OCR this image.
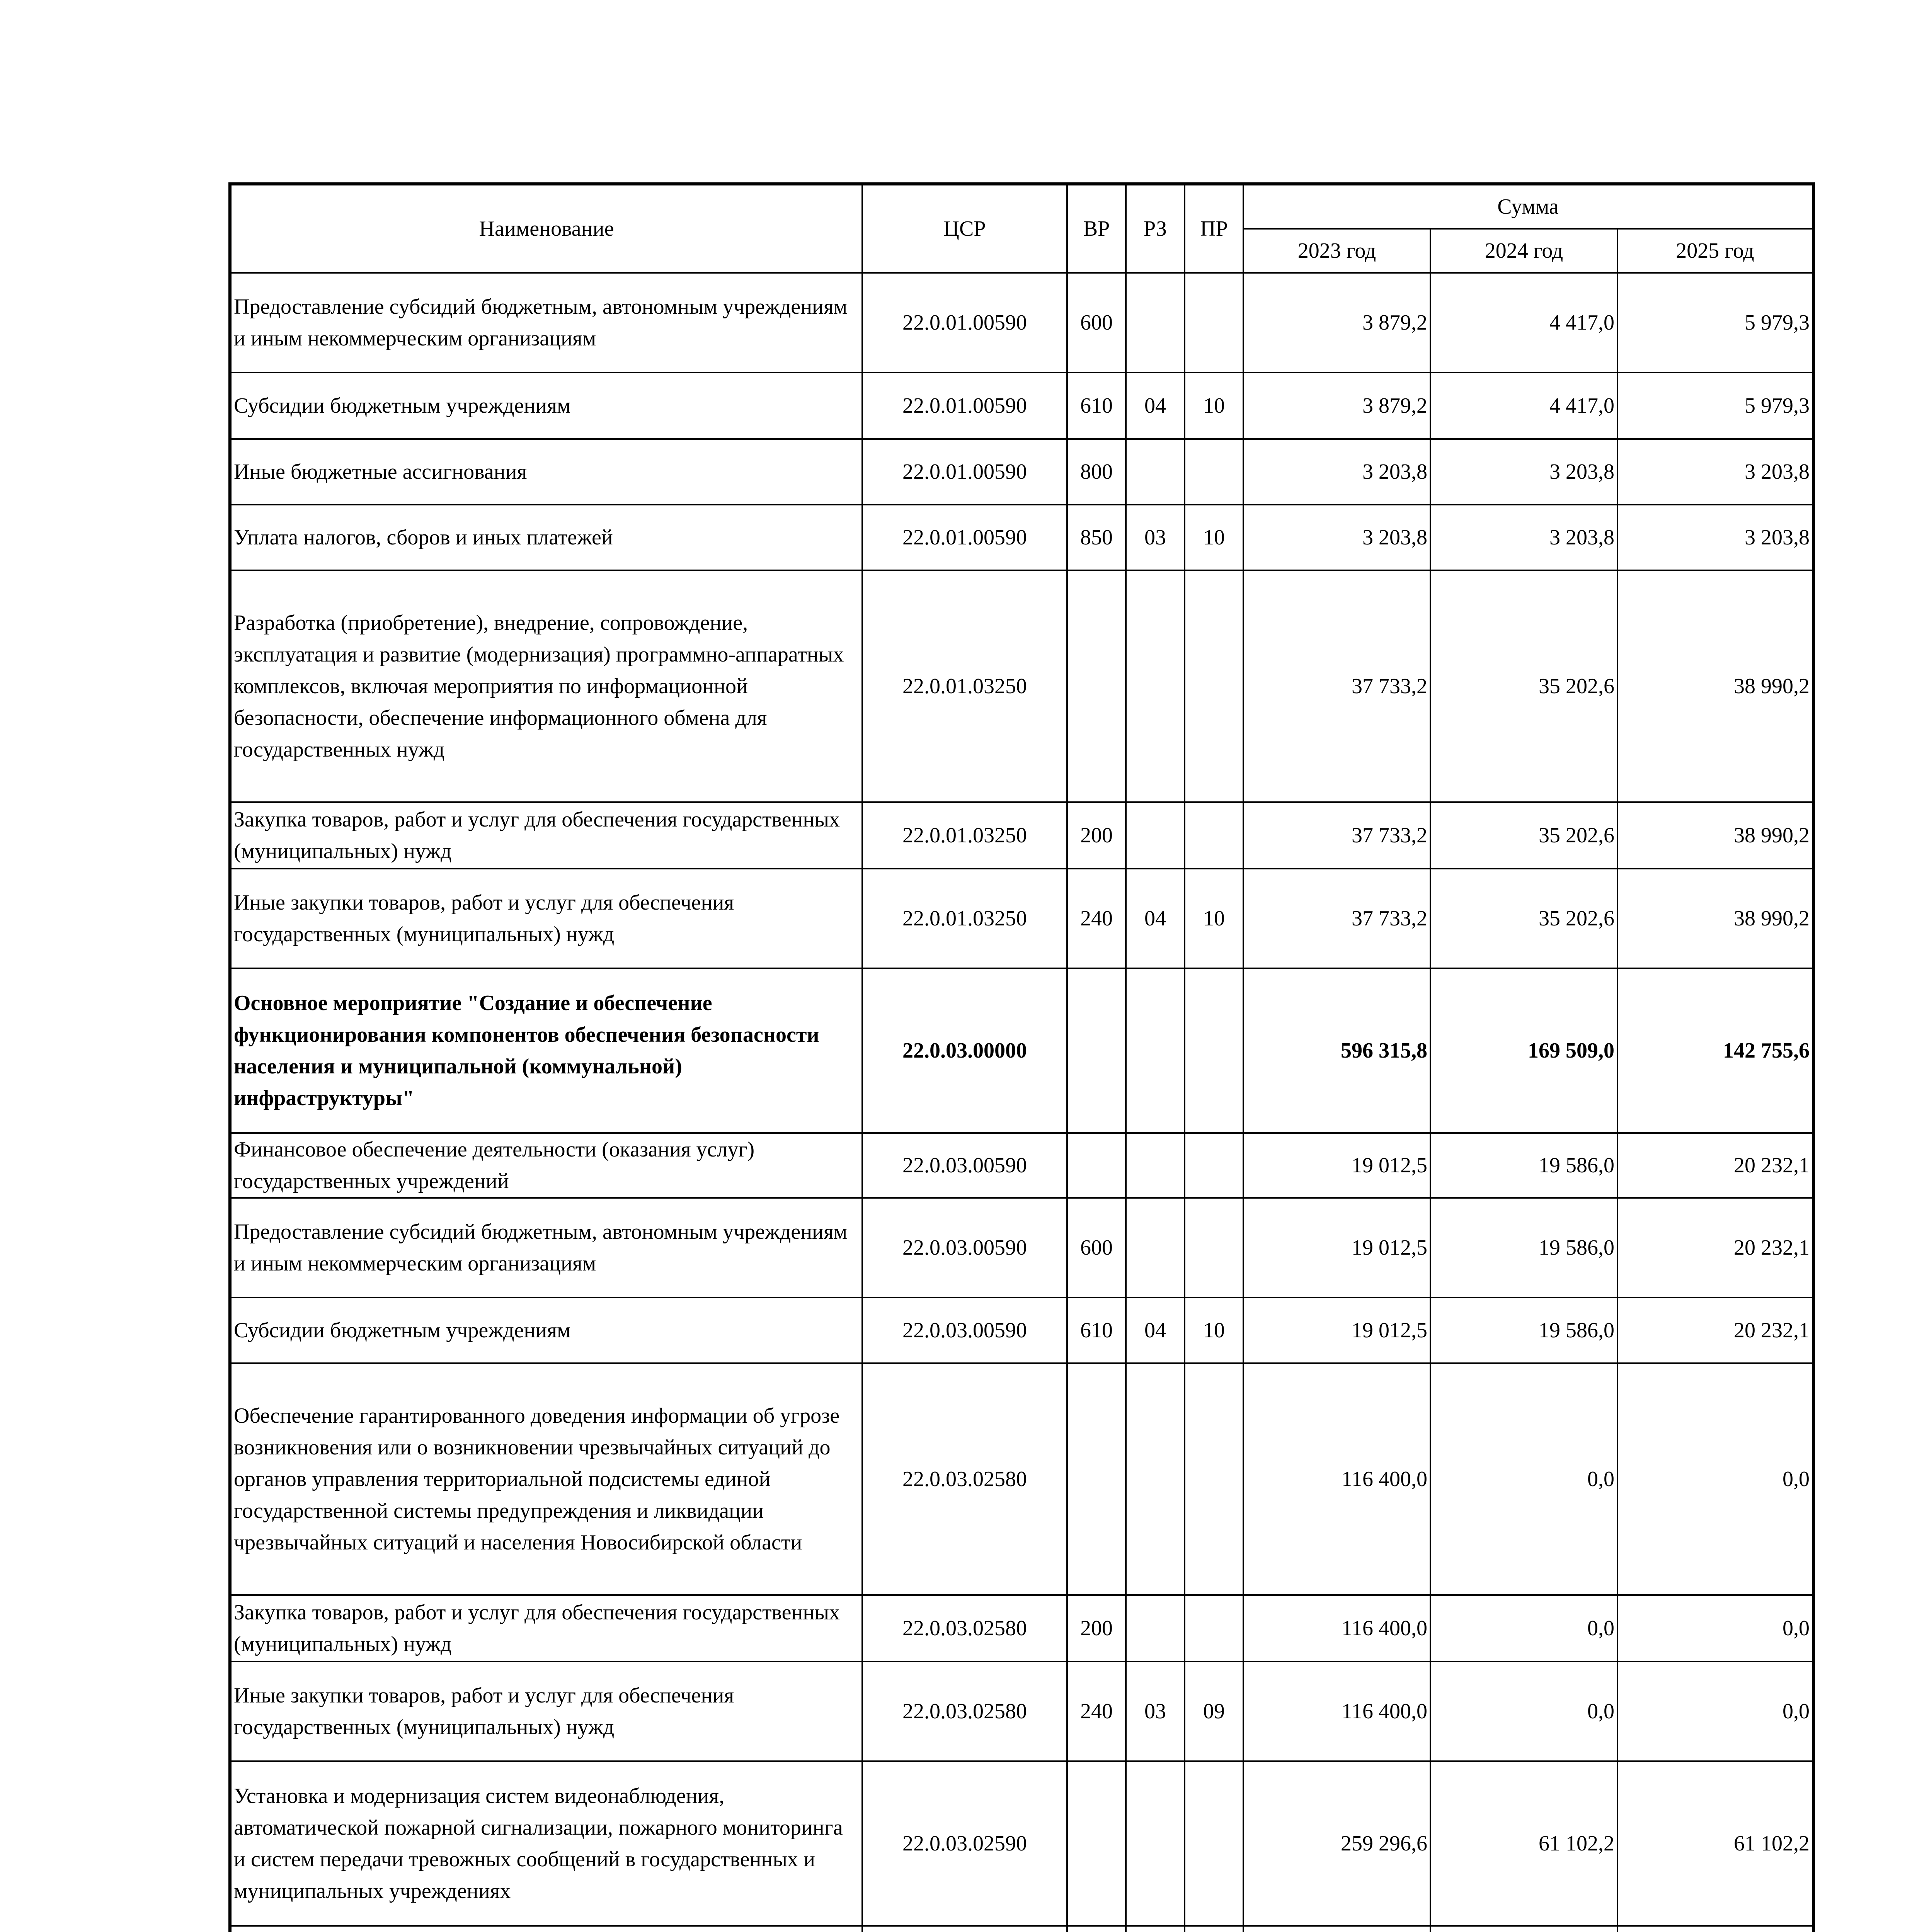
Наименование	ЦСР	ВР	РЗ	ПР	Сумма		
					2023 год	2024 год	2025 год
Предоставление субсидий бюджетным, автономным учреждениям и иным некоммерческим организациям	22.0.01.00590	600			3 879,2	4 417,0	5 979,3
Субсидии бюджетным учреждениям	22.0.01.00590	610	04	10	3 879,2	4 417,0	5 979,3
Иные бюджетные ассигнования	22.0.01.00590	800			3 203,8	3 203,8	3 203,8
Уплата налогов, сборов и иных платежей	22.0.01.00590	850	03	10	3 203,8	3 203,8	3 203,8
Разработка (приобретение), внедрение, сопровождение, эксплуатация и развитие (модернизация) программно-аппаратных комплексов, включая мероприятия по информационной безопасности, обеспечение информационного обмена для государственных нужд	22.0.01.03250				37 733,2	35 202,6	38 990,2
Закупка товаров, работ и услуг для обеспечения государственных (муниципальных) нужд	22.0.01.03250	200			37 733,2	35 202,6	38 990,2
Иные закупки товаров, работ и услуг для обеспечения государственных (муниципальных) нужд	22.0.01.03250	240	04	10	37 733,2	35 202,6	38 990,2
Основное мероприятие "Создание и обеспечение функционирования компонентов обеспечения безопасности населения и муниципальной (коммунальной) инфраструктуры"	22.0.03.00000				596 315,8	169 509,0	142 755,6
Финансовое обеспечение деятельности (оказания услуг) государственных учреждений	22.0.03.00590				19 012,5	19 586,0	20 232,1
Предоставление субсидий бюджетным, автономным учреждениям и иным некоммерческим организациям	22.0.03.00590	600			19 012,5	19 586,0	20 232,1
Субсидии бюджетным учреждениям	22.0.03.00590	610	04	10	19 012,5	19 586,0	20 232,1
Обеспечение гарантированного доведения информации об угрозе возникновения или о возникновении чрезвычайных ситуаций до органов управления территориальной подсистемы единой государственной системы предупреждения и ликвидации чрезвычайных ситуаций и населения Новосибирской области	22.0.03.02580				116 400,0	0,0	0,0
Закупка товаров, работ и услуг для обеспечения государственных (муниципальных) нужд	22.0.03.02580	200			116 400,0	0,0	0,0
Иные закупки товаров, работ и услуг для обеспечения государственных (муниципальных) нужд	22.0.03.02580	240	03	09	116 400,0	0,0	0,0
Установка и модернизация систем видеонаблюдения, автоматической пожарной сигнализации, пожарного мониторинга и систем передачи тревожных сообщений в государственных и муниципальных учреждениях	22.0.03.02590				259 296,6	61 102,2	61 102,2
